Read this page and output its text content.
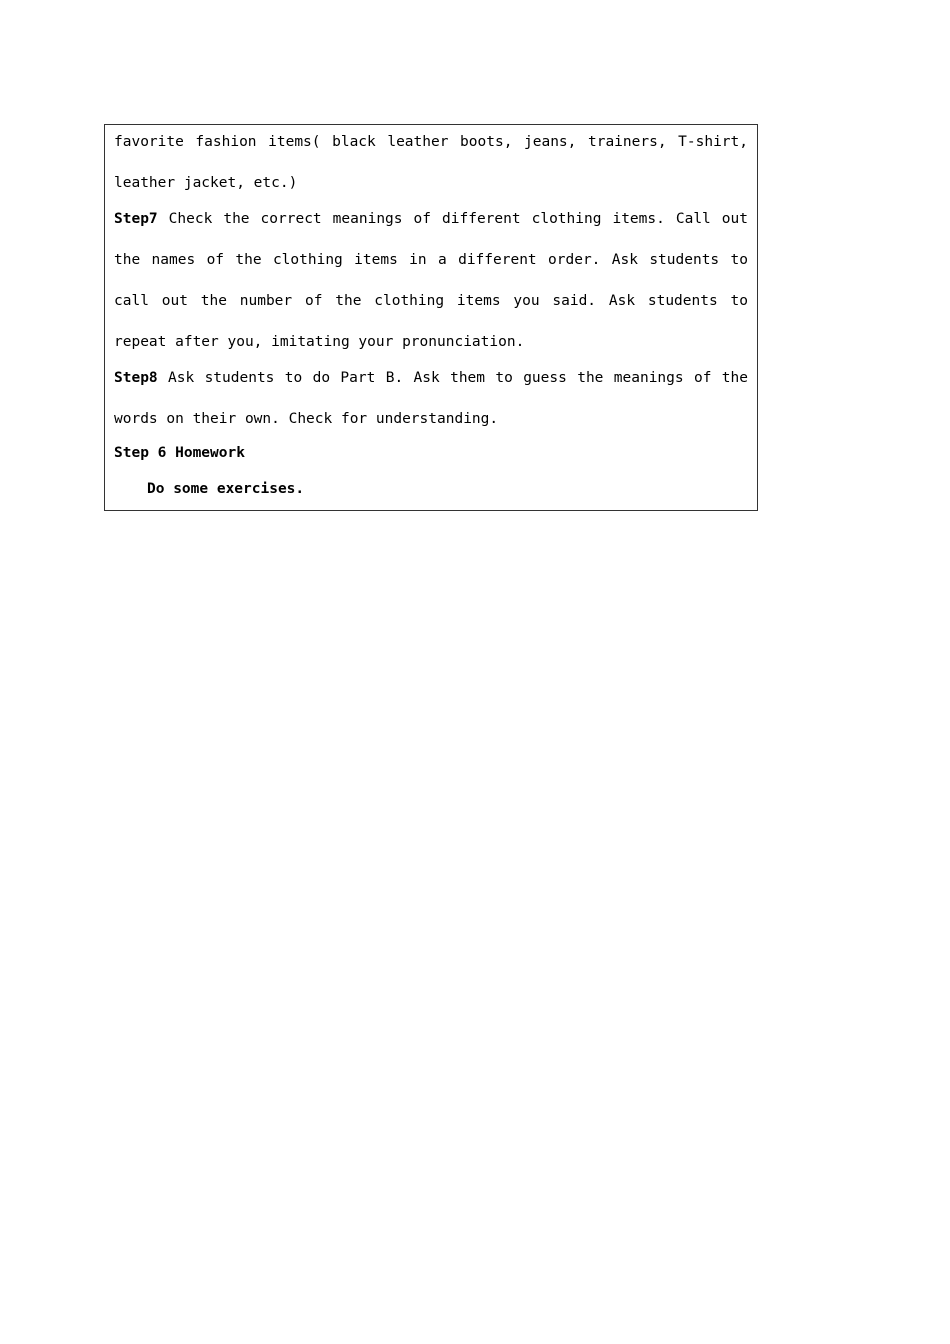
favorite fashion items( black leather boots, jeans, trainers, T-shirt, leather jacket, etc.)

Step7 Check the correct meanings of different clothing items. Call out the names of the clothing items in a different order. Ask students to call out the number of the clothing items you said. Ask students to repeat after you, imitating your pronunciation.

Step8 Ask students to do Part B. Ask them to guess the meanings of the words on their own. Check for understanding.

Step 6 Homework

Do some exercises.
